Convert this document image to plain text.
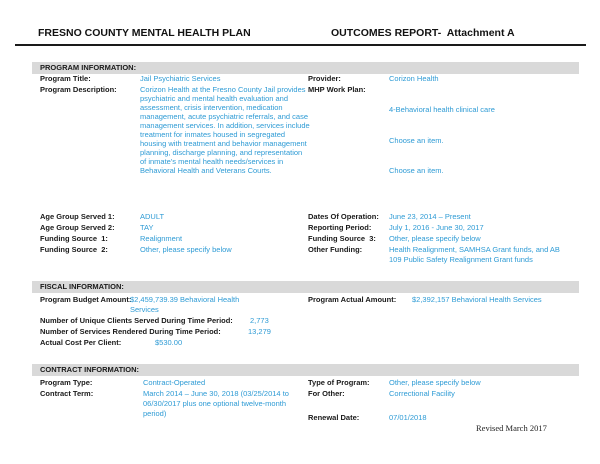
FRESNO COUNTY MENTAL HEALTH PLAN	OUTCOMES REPORT-  Attachment A
PROGRAM INFORMATION:
Program Title:	Jail Psychiatric Services
Program Description:	Corizon Health at the Fresno County Jail provides psychiatric and mental health evaluation and assessment, crisis intervention, medication management, acute psychiatric referrals, and case management services. In addition, services include treatment for inmates housed in segregated housing with treatment and behavior management planning, discharge planning, and representation of inmate's mental health needs/services in Behavioral Health and Veterans Courts.
Provider:	Corizon Health
MHP Work Plan:

4-Behavioral health clinical care

Choose an item.

Choose an item.

Age Group Served 1:	ADULT
Age Group Served 2:	TAY
Funding Source  1:	Realignment
Funding Source  2:	Other, please specify below
Dates Of Operation: June 23, 2014 – Present
Reporting Period: July 1, 2016 - June 30, 2017
Funding Source  3: Other, please specify below
Other Funding:	Health Realignment, SAMHSA Grant funds, and AB 109 Public Safety Realignment Grant funds
FISCAL INFORMATION:
Program Budget Amount:
$2,459,739.39 Behavioral Health Services
Program Actual Amount: $2,392,157 Behavioral Health Services
Number of Unique Clients Served During Time Period: 2,773
Number of Services Rendered During Time Period:	13,279
Actual Cost Per Client:	$530.00
CONTRACT INFORMATION:
Program Type:	Contract-Operated
Contract Term:	March 2014 – June 30, 2018 (03/25/2014 to 06/30/2017 plus one optional twelve-month period)
Type of Program:	Other, please specify below
For Other:	Correctional Facility
Renewal Date:	07/01/2018
Revised March 2017
